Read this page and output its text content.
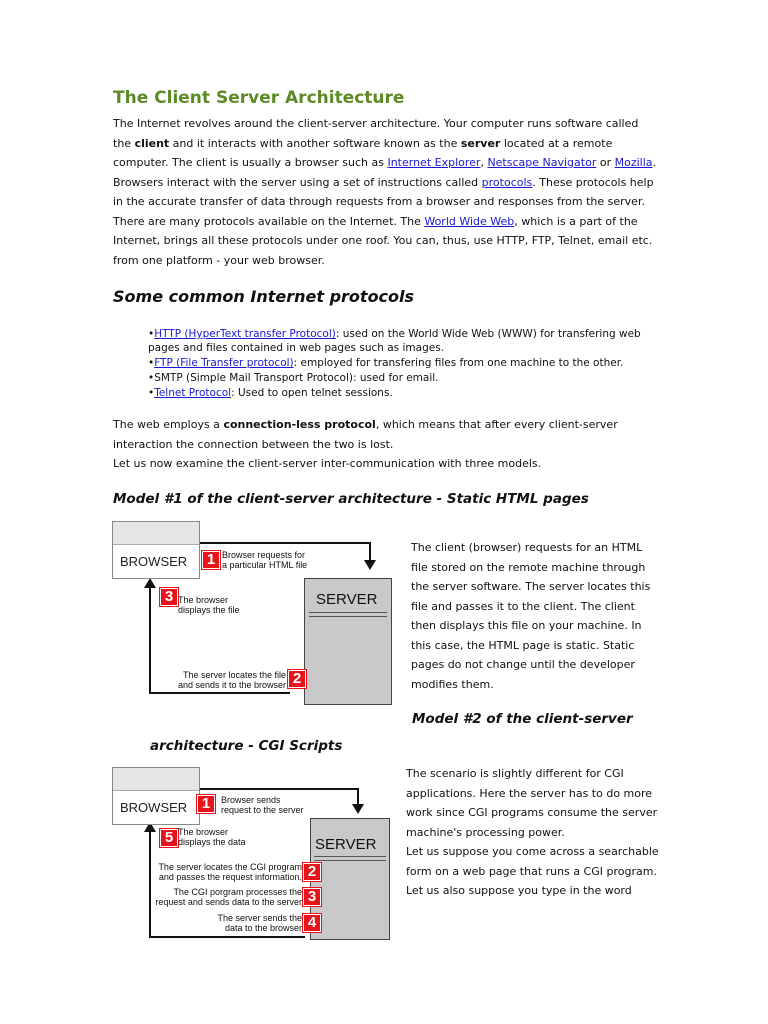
The Client Server Architecture
The Internet revolves around the client-server architecture. Your computer runs software called the client and it interacts with another software known as the server located at a remote computer. The client is usually a browser such as Internet Explorer, Netscape Navigator or Mozilla. Browsers interact with the server using a set of instructions called protocols. These protocols help in the accurate transfer of data through requests from a browser and responses from the server. There are many protocols available on the Internet. The World Wide Web, which is a part of the Internet, brings all these protocols under one roof. You can, thus, use HTTP, FTP, Telnet, email etc. from one platform - your web browser.
Some common Internet protocols
•HTTP (HyperText transfer Protocol): used on the World Wide Web (WWW) for transfering web pages and files contained in web pages such as images.
•FTP (File Transfer protocol): employed for transfering files from one machine to the other.
•SMTP (Simple Mail Transport Protocol): used for email.
•Telnet Protocol: Used to open telnet sessions.
The web employs a connection-less protocol, which means that after every client-server interaction the connection between the two is lost.
Let us now examine the client-server inter-communication with three models.
Model #1 of the client-server architecture - Static HTML pages
BROWSER	1 Browser requests for a particular HTML file
3 The browser displays the file
SERVER
The server locates the file and sends it to the browser 2
The client (browser) requests for an HTML file stored on the remote machine through the server software. The server locates this file and passes it to the client. The client then displays this file on your machine. In this case, the HTML page is static. Static pages do not change until the developer modifies them.
Model #2 of the client-server
architecture - CGI Scripts
BROWSER 1	Browser sends request to the server
5 The browser displays the data	SERVER
The server locates the CGI program and passes the request information. 2
The CGI porgram processes the request and sends data to the server 3
The server sends the data to the browser 4
The scenario is slightly different for CGI applications. Here the server has to do more work since CGI programs consume the server machine's processing power.
Let us suppose you come across a searchable form on a web page that runs a CGI program. Let us also suppose you type in the word
